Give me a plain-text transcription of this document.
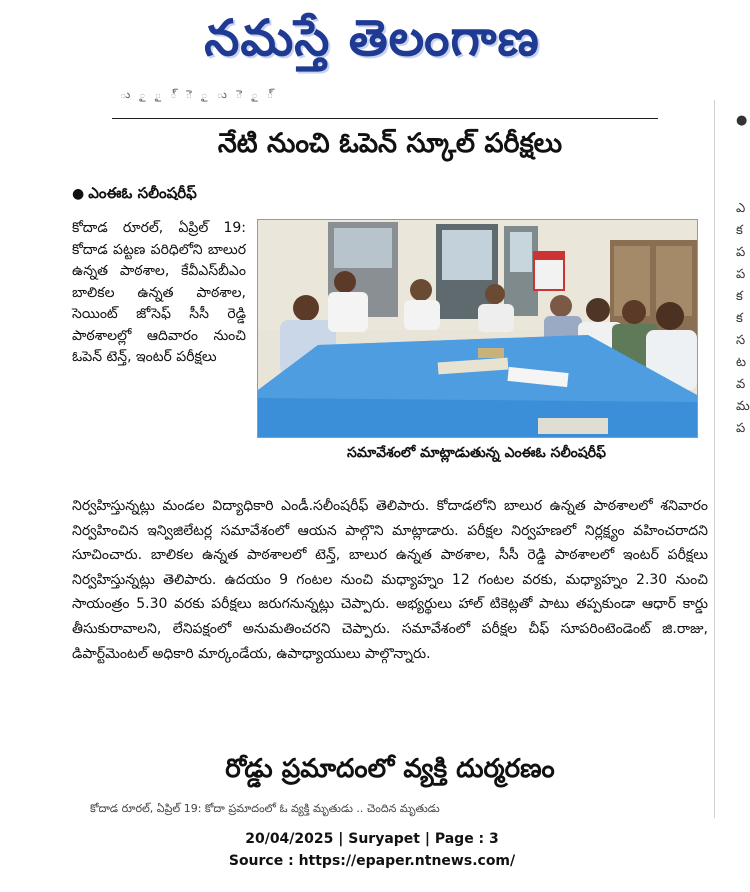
నమస్తే తెలంగాణ
ు ౖ ౖ ్ ె ౖ ు ె ౖ ్
●

ఎ
క
ప
ప
క
క
స
ట
వ
మ
ప
నేటి నుంచి ఓపెన్ స్కూల్ పరీక్షలు
● ఎంఈఓ సలీంషరీఫ్
కోదాడ రూరల్, ఏప్రిల్ 19: కోదాడ పట్టణ పరిధిలోని బాలుర ఉన్నత పాఠశాల, కేవీఎస్‌బీఎం బాలికల ఉన్నత పాఠశాల, సెయింట్ జోసెఫ్ సీసీ రెడ్డి పాఠశాలల్లో ఆదివారం నుంచి ఓపెన్ టెన్త్, ఇంటర్ పరీక్షలు
సమావేశంలో మాట్లాడుతున్న ఎంఈఓ సలీంషరీఫ్
నిర్వహిస్తున్నట్లు మండల విద్యాధికారి ఎండీ.సలీంషరీఫ్ తెలిపారు. కోదాడలోని బాలుర ఉన్నత పాఠశాలలో శనివారం నిర్వహించిన ఇన్విజిలేటర్ల సమావేశంలో ఆయన పాల్గొని మాట్లాడారు. పరీక్షల నిర్వహణలో నిర్లక్ష్యం వహించరాదని సూచించారు. బాలికల ఉన్నత పాఠశాలలో టెన్త్, బాలుర ఉన్నత పాఠశాల, సీసీ రెడ్డి పాఠశాలలో ఇంటర్ పరీక్షలు నిర్వహిస్తున్నట్లు తెలిపారు. ఉదయం 9 గంటల నుంచి మధ్యాహ్నం 12 గంటల వరకు, మధ్యాహ్నం 2.30 నుంచి సాయంత్రం 5.30 వరకు పరీక్షలు జరుగనున్నట్లు చెప్పారు. అభ్యర్థులు హాల్ టికెట్లతో పాటు తప్పకుండా ఆధార్ కార్డు తీసుకురావాలని, లేనిపక్షంలో అనుమతించరని చెప్పారు. సమావేశంలో పరీక్షల చీఫ్ సూపరింటెండెంట్ జి.రాజు, డిపార్ట్‌మెంటల్ అధికారి మార్కండేయ, ఉపాధ్యాయులు పాల్గొన్నారు.
రోడ్డు ప్రమాదంలో వ్యక్తి దుర్మరణం
కోదాడ రూరల్, ఏప్రిల్ 19: కోదా ప్రమాదంలో ఓ వ్యక్తి మృతుడు .. చెందిన మృతుడు
20/04/2025 | Suryapet | Page : 3
Source : https://epaper.ntnews.com/
